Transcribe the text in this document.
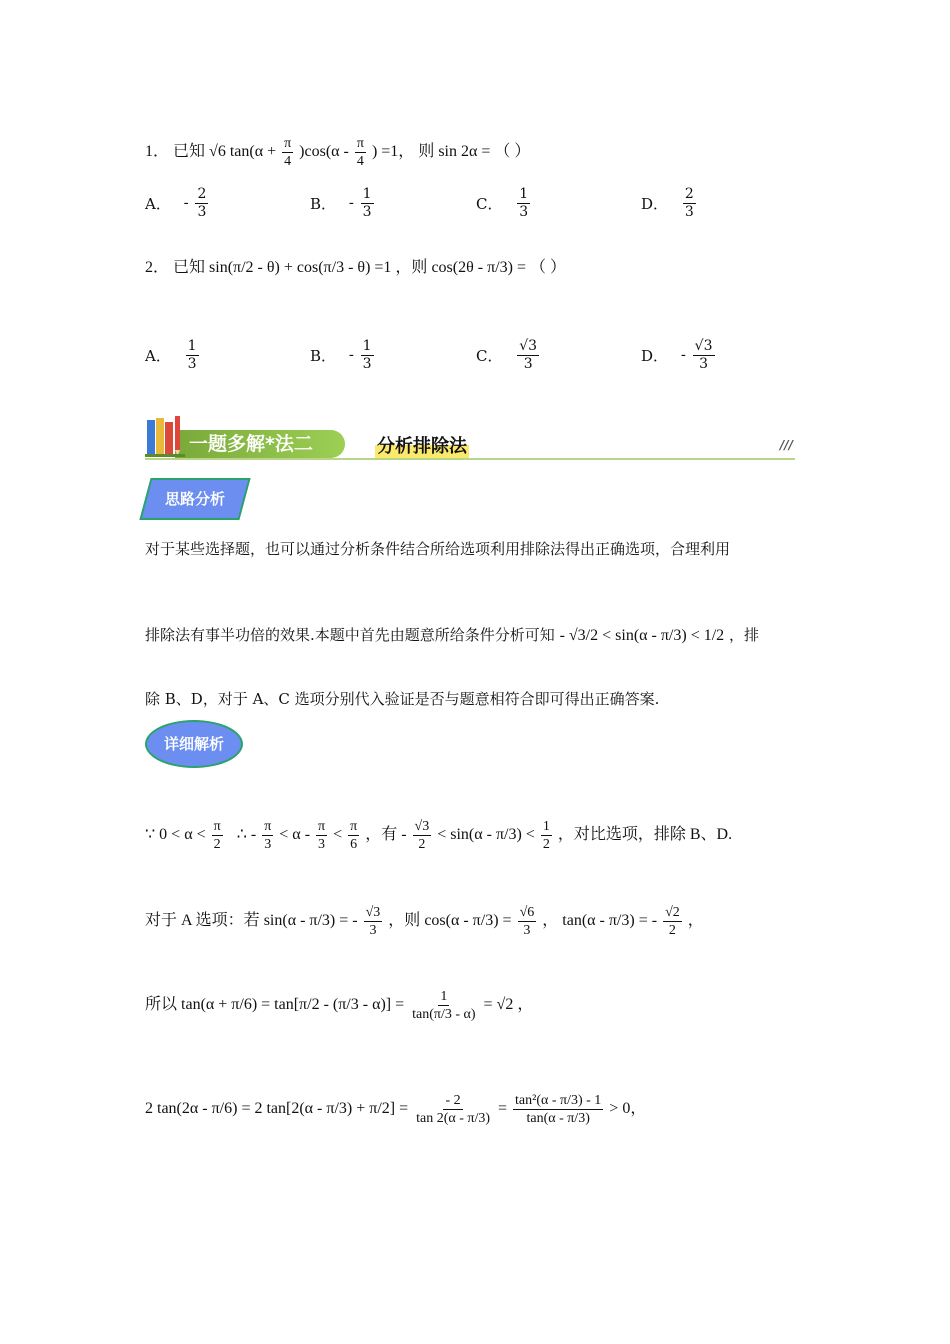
1． 已知 √6 $\tan(\alpha + \frac{\pi}{4} )\cos(\alpha - \frac{\pi}{4}$ ) =1， 则 sin 2α = （ ）
A． - $\frac{2}{3}$	B． - $\frac{1}{3}$	C． $\frac{1}{3}$	D． $\frac{2}{3}$
2． 已知 sin(π/2 - θ) + cos(π/3 - θ) =1 ，则 cos(2θ - π/3) = （ ）
A． $\frac{1}{3}$	B． - $\frac{1}{3}$	C． $\frac{√3}{3}$	D． - $\frac{√3}{3}$
一题多解*法二	分析排除法	///
思路分析
对于某些选择题，也可以通过分析条件结合所给选项利用排除法得出正确选项，合理利用
排除法有事半功倍的效果.本题中首先由题意所给条件分析可知 - √3/2 < sin(α - π/3) < 1/2 ，排
除 B、D，对于 A、C 选项分别代入验证是否与题意相符合即可得出正确答案.
详细解析
∵ $0 < \alpha < \frac{\pi}{2}$ ∴ - $\frac{\pi}{3} < \alpha - \frac{\pi}{3} < \frac{\pi}{6}$ ，有 - $\frac{√3}{2} < \sin(\alpha - \pi/3) < \frac{1}{2}$ ，对比选项，排除 B、D.
对于 A 选项：若 sin(α - π/3) = - $\frac{√3}{3}$ ，则 $\cos(\alpha - \pi/3) = \frac{√6}{3}$ ， tan(α - π/3) = - $\frac{√2}{2}$ ，
所以 $\tan(\alpha + \pi/6) = \tan[\pi/2 - (\pi/3 - \alpha)] = \frac{1}{\tan(\pi/3 - \alpha)} = √2$ ，
2 tan(2α - π/6) = 2 $\tan[2(\alpha - \pi/3) + \pi/2] = \frac{- 2}{\tan 2(\alpha - \pi/3)} = \frac{\text{tan²(α - π/3) - 1}}{\tan(\alpha - \pi/3)} > 0$，
